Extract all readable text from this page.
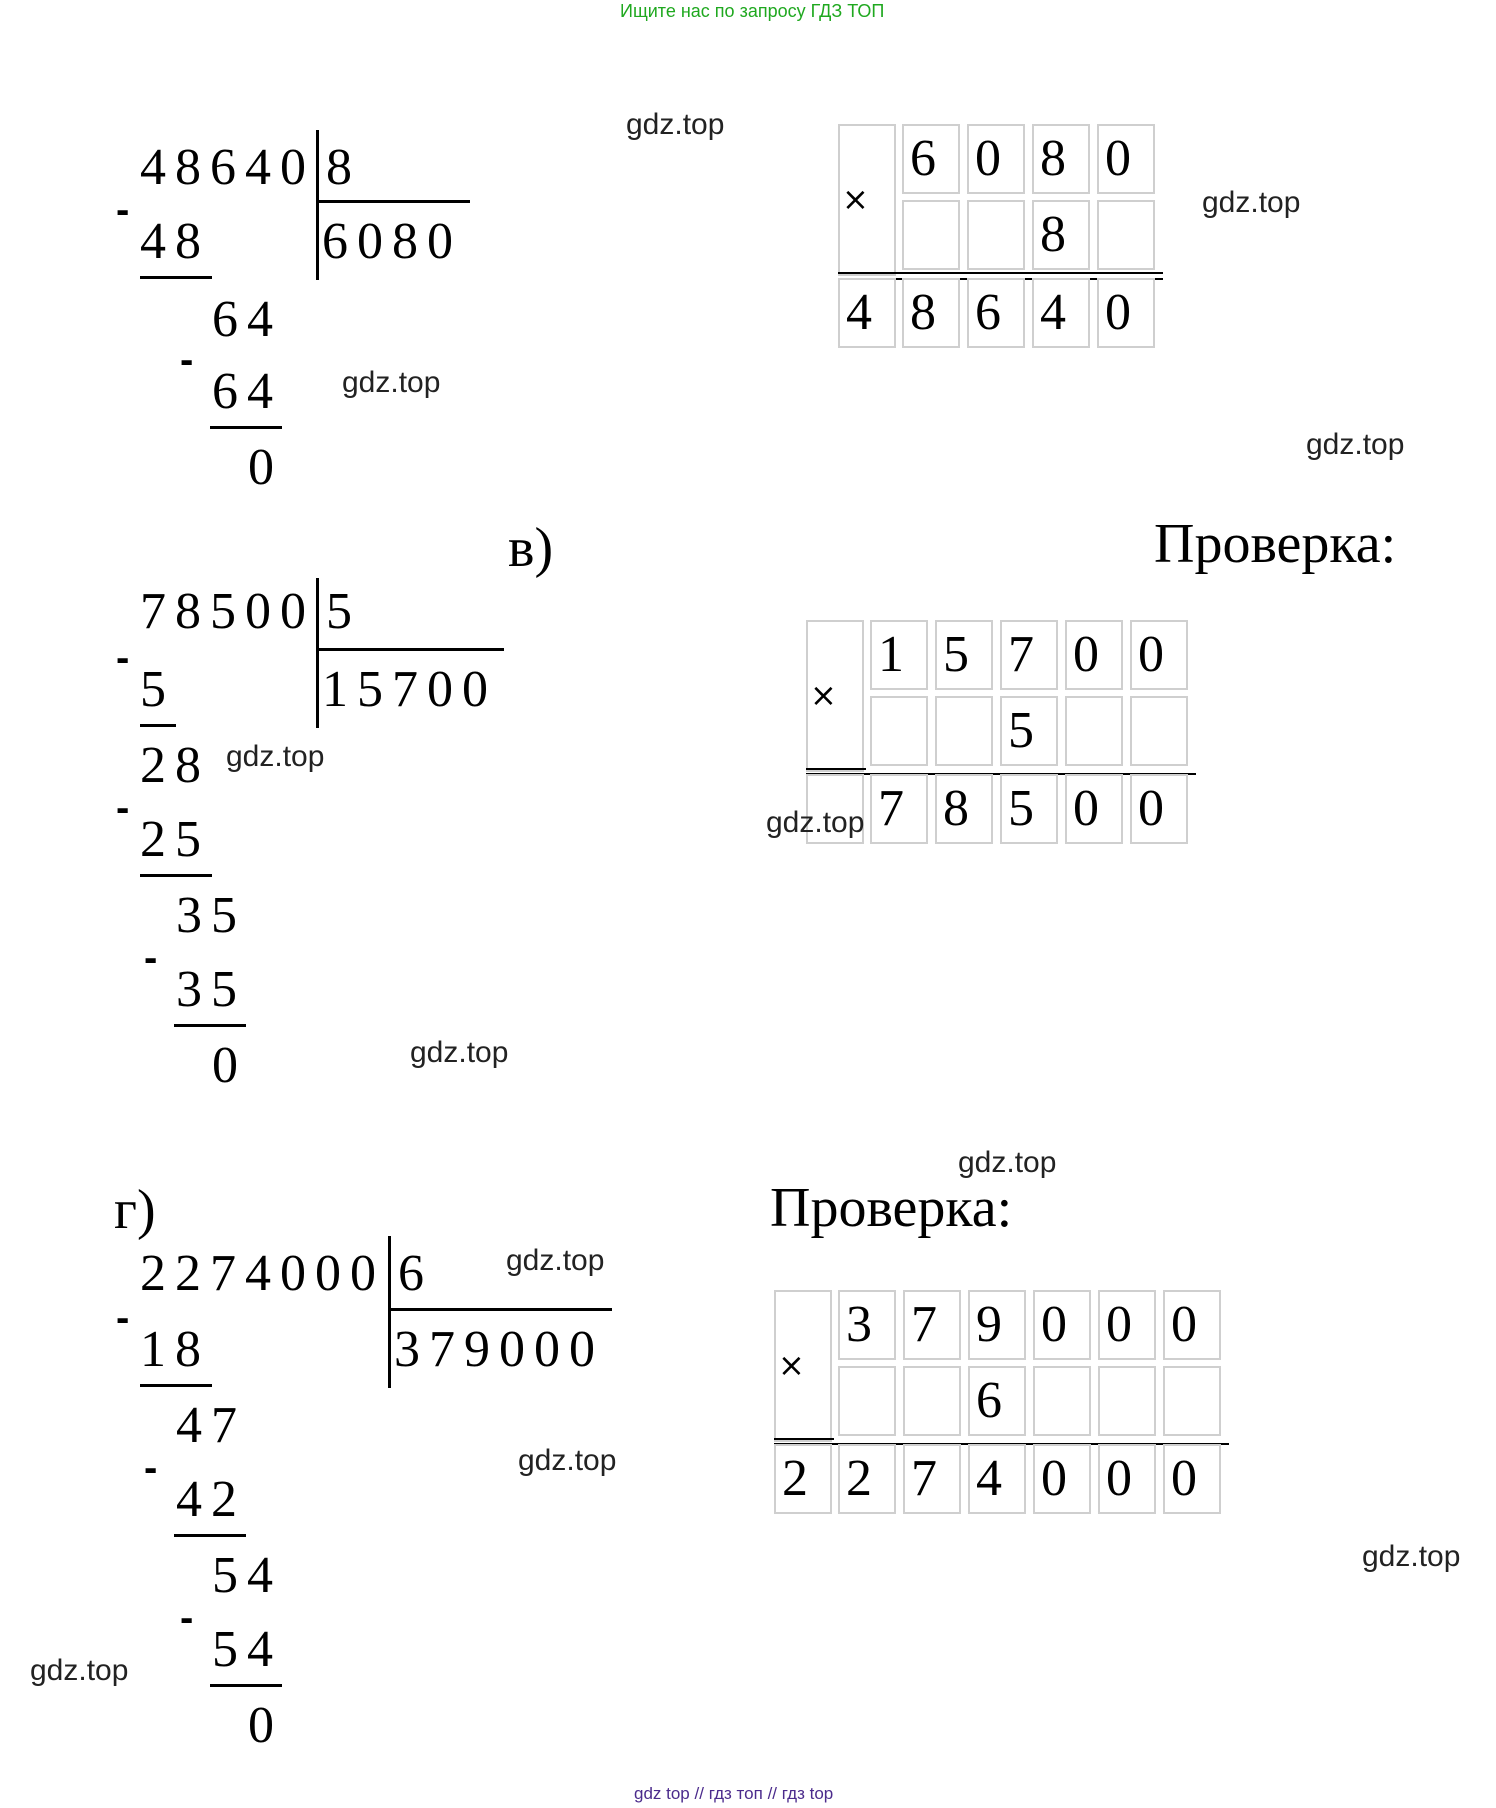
Ищите нас по запросу ГДЗ ТОП
48640 8
6080
-
48
64
-
64
0
×
6 0 8 0
8
4 8 6 4 0
в)	Проверка:
78500 5
15700
-
5
28
-
25
35
-
35
0
×
1 5 7 0 0
5
7 8 5 0 0
г)	Проверка:
2274000 6
379000
-
18
47
-
42
54
-
54
0
×
3 7 9 0 0 0
6
2 2 7 4 0 0 0
gdz.top
gdz.top
gdz.top
gdz.top
gdz.top
gdz.top
gdz.top
gdz.top
gdz.top
gdz.top
gdz.top
gdz.top
gdz top // гдз топ // гдз top
